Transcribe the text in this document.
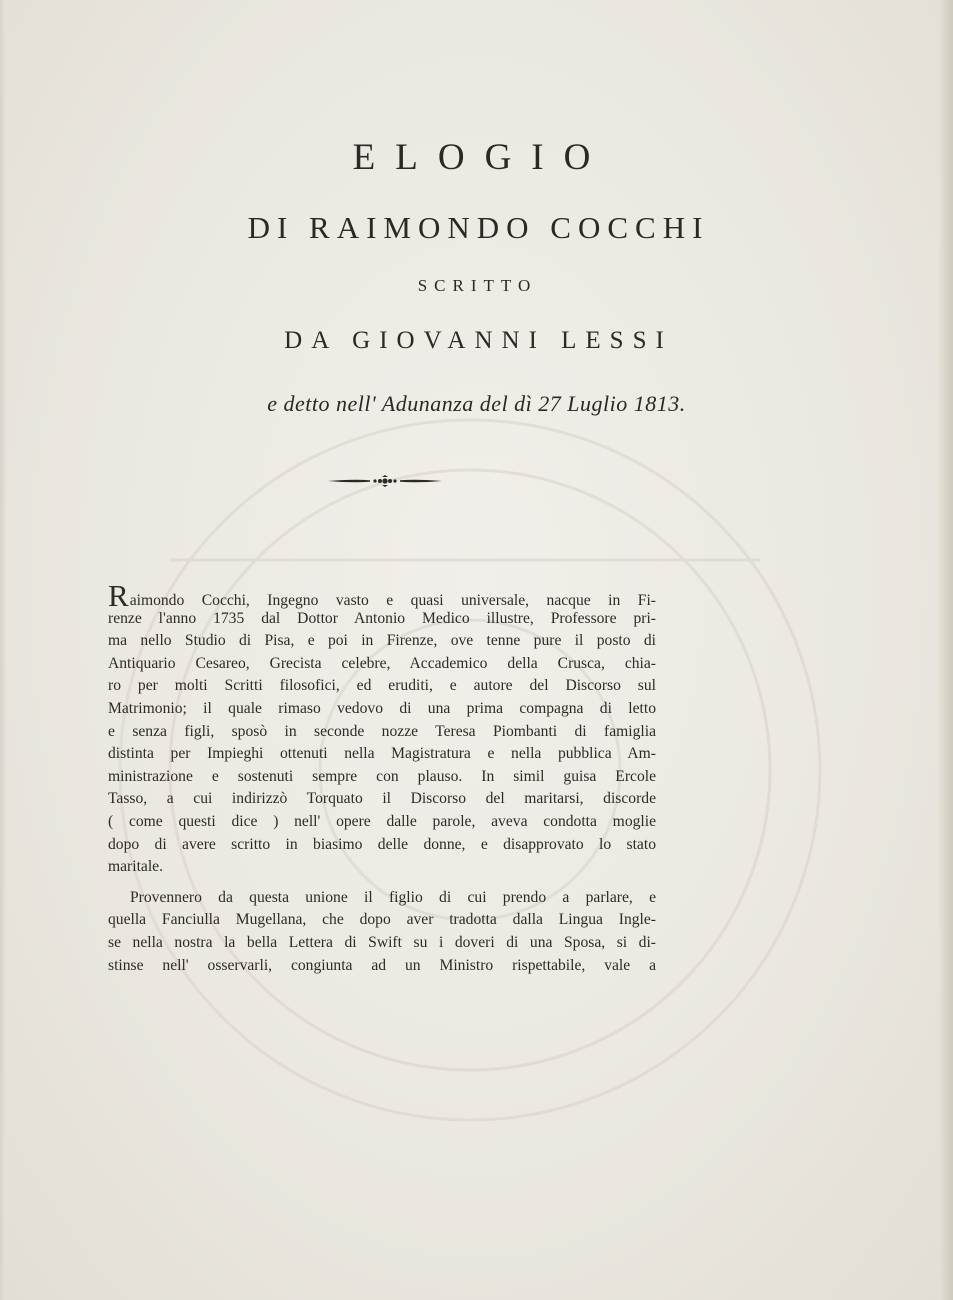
ELOGIO
DI RAIMONDO COCCHI
SCRITTO
DA GIOVANNI LESSI
e detto nell' Adunanza del dì 27 Luglio 1813.
Raimondo Cocchi, Ingegno vasto e quasi universale, nacque in Fi-
renze l'anno 1735 dal Dottor Antonio Medico illustre, Professore pri-
ma nello Studio di Pisa, e poi in Firenze, ove tenne pure il posto di
Antiquario Cesareo, Grecista celebre, Accademico della Crusca, chia-
ro per molti Scritti filosofici, ed eruditi, e autore del Discorso sul
Matrimonio; il quale rimaso vedovo di una prima compagna di letto
e senza figli, sposò in seconde nozze Teresa Piombanti di famiglia
distinta per Impieghi ottenuti nella Magistratura e nella pubblica Am-
ministrazione e sostenuti sempre con plauso. In simil guisa Ercole
Tasso, a cui indirizzò Torquato il Discorso del maritarsi, discorde
( come questi dice ) nell' opere dalle parole, aveva condotta moglie
dopo di avere scritto in biasimo delle donne, e disapprovato lo stato
maritale.
Provennero da questa unione il figlio di cui prendo a parlare, e
quella Fanciulla Mugellana, che dopo aver tradotta dalla Lingua Ingle-
se nella nostra la bella Lettera di Swift su i doveri di una Sposa, si di-
stinse nell' osservarli, congiunta ad un Ministro rispettabile, vale a
